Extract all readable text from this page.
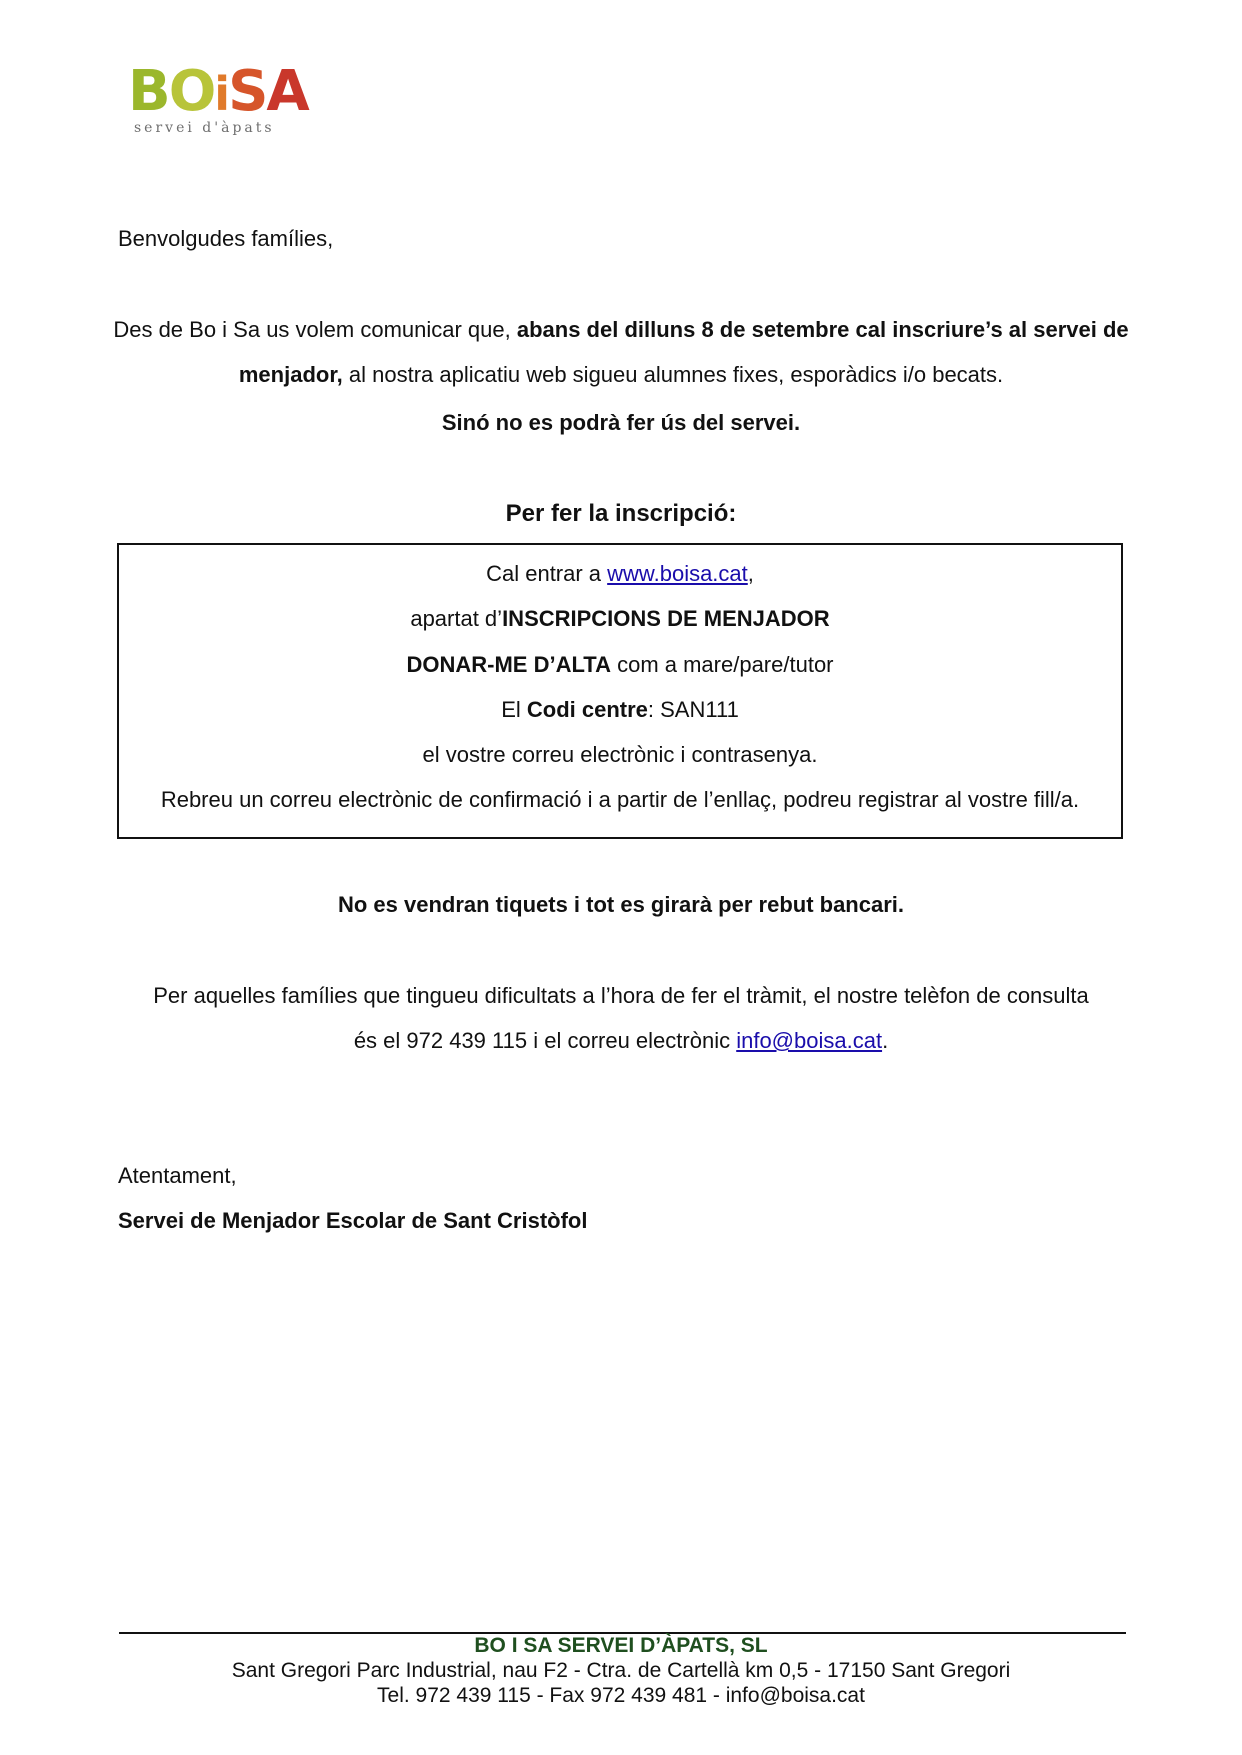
BOiSA
servei d'àpats
Benvolgudes famílies,
Des de Bo i Sa us volem comunicar que, abans del dilluns 8 de setembre cal inscriure’s al servei de
menjador, al nostra aplicatiu web sigueu alumnes fixes, esporàdics i/o becats.
Sinó no es podrà fer ús del servei.
Per fer la inscripció:
Cal entrar a www.boisa.cat,
apartat d’INSCRIPCIONS DE MENJADOR
DONAR-ME D’ALTA com a mare/pare/tutor
El Codi centre: SAN111
el vostre correu electrònic i contrasenya.
Rebreu un correu electrònic de confirmació i a partir de l’enllaç, podreu registrar al vostre fill/a.
No es vendran tiquets i tot es girarà per rebut bancari.
Per aquelles famílies que tingueu dificultats a l’hora de fer el tràmit, el nostre telèfon de consulta
és el 972 439 115 i el correu electrònic info@boisa.cat.
Atentament,
Servei de Menjador Escolar de Sant Cristòfol
BO I SA SERVEI D’ÀPATS, SL
Sant Gregori Parc Industrial, nau F2 - Ctra. de Cartellà km 0,5 - 17150 Sant Gregori
Tel. 972 439 115 - Fax 972 439 481 - info@boisa.cat
